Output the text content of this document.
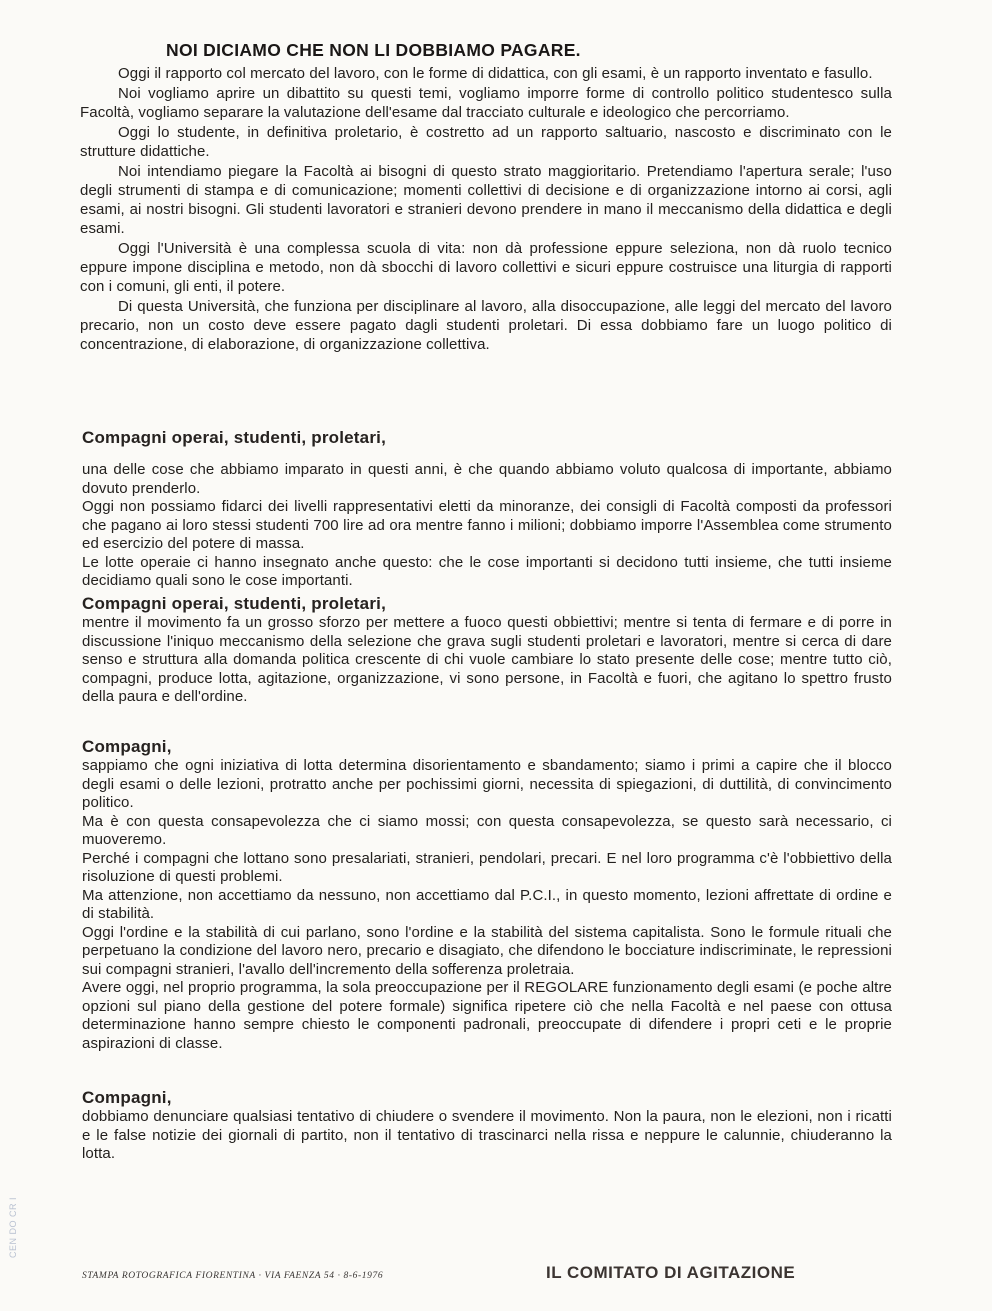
NOI DICIAMO CHE NON LI DOBBIAMO PAGARE.

Oggi il rapporto col mercato del lavoro, con le forme di didattica, con gli esami, è un rapporto inventato e fasullo.

Noi vogliamo aprire un dibattito su questi temi, vogliamo imporre forme di controllo politico studentesco sulla Facoltà, vogliamo separare la valutazione dell'esame dal tracciato culturale e ideologico che percorriamo.

Oggi lo studente, in definitiva proletario, è costretto ad un rapporto saltuario, nascosto e discriminato con le strutture didattiche.

Noi intendiamo piegare la Facoltà ai bisogni di questo strato maggioritario. Pretendiamo l'apertura serale; l'uso degli strumenti di stampa e di comunicazione; momenti collettivi di decisione e di organizzazione intorno ai corsi, agli esami, ai nostri bisogni. Gli studenti lavoratori e stranieri devono prendere in mano il meccanismo della didattica e degli esami.

Oggi l'Università è una complessa scuola di vita: non dà professione eppure seleziona, non dà ruolo tecnico eppure impone disciplina e metodo, non dà sbocchi di lavoro collettivi e sicuri eppure costruisce una liturgia di rapporti con i comuni, gli enti, il potere.

Di questa Università, che funziona per disciplinare al lavoro, alla disoccupazione, alle leggi del mercato del lavoro precario, non un costo deve essere pagato dagli studenti proletari. Di essa dobbiamo fare un luogo politico di concentrazione, di elaborazione, di organizzazione collettiva.

Compagni operai, studenti, proletari,

una delle cose che abbiamo imparato in questi anni, è che quando abbiamo voluto qualcosa di importante, abbiamo dovuto prenderlo.

Oggi non possiamo fidarci dei livelli rappresentativi eletti da minoranze, dei consigli di Facoltà composti da professori che pagano ai loro stessi studenti 700 lire ad ora mentre fanno i milioni; dobbiamo imporre l'Assemblea come strumento ed esercizio del potere di massa.

Le lotte operaie ci hanno insegnato anche questo: che le cose importanti si decidono tutti insieme, che tutti insieme decidiamo quali sono le cose importanti.

Compagni operai, studenti, proletari,

mentre il movimento fa un grosso sforzo per mettere a fuoco questi obbiettivi; mentre si tenta di fermare e di porre in discussione l'iniquo meccanismo della selezione che grava sugli studenti proletari e lavoratori, mentre si cerca di dare senso e struttura alla domanda politica crescente di chi vuole cambiare lo stato presente delle cose; mentre tutto ciò, compagni, produce lotta, agitazione, organizzazione, vi sono persone, in Facoltà e fuori, che agitano lo spettro frusto della paura e dell'ordine.

Compagni,

sappiamo che ogni iniziativa di lotta determina disorientamento e sbandamento; siamo i primi a capire che il blocco degli esami o delle lezioni, protratto anche per pochissimi giorni, necessita di spiegazioni, di duttilità, di convincimento politico.

Ma è con questa consapevolezza che ci siamo mossi; con questa consapevolezza, se questo sarà necessario, ci muoveremo.

Perché i compagni che lottano sono presalariati, stranieri, pendolari, precari. E nel loro programma c'è l'obbiettivo della risoluzione di questi problemi.

Ma attenzione, non accettiamo da nessuno, non accettiamo dal P.C.I., in questo momento, lezioni affrettate di ordine e di stabilità.

Oggi l'ordine e la stabilità di cui parlano, sono l'ordine e la stabilità del sistema capitalista. Sono le formule rituali che perpetuano la condizione del lavoro nero, precario e disagiato, che difendono le bocciature indiscriminate, le repressioni sui compagni stranieri, l'avallo dell'incremento della sofferenza proletraia.

Avere oggi, nel proprio programma, la sola preoccupazione per il REGOLARE funzionamento degli esami (e poche altre opzioni sul piano della gestione del potere formale) significa ripetere ciò che nella Facoltà e nel paese con ottusa determinazione hanno sempre chiesto le componenti padronali, preoccupate di difendere i propri ceti e le proprie aspirazioni di classe.

Compagni,

dobbiamo denunciare qualsiasi tentativo di chiudere o svendere il movimento. Non la paura, non le elezioni, non i ricatti e le false notizie dei giornali di partito, non il tentativo di trascinarci nella rissa e neppure le calunnie, chiuderanno la lotta.

CEN DO CR I

STAMPA ROTOGRAFICA FIORENTINA · VIA FAENZA 54 · 8-6-1976	IL COMITATO DI AGITAZIONE
